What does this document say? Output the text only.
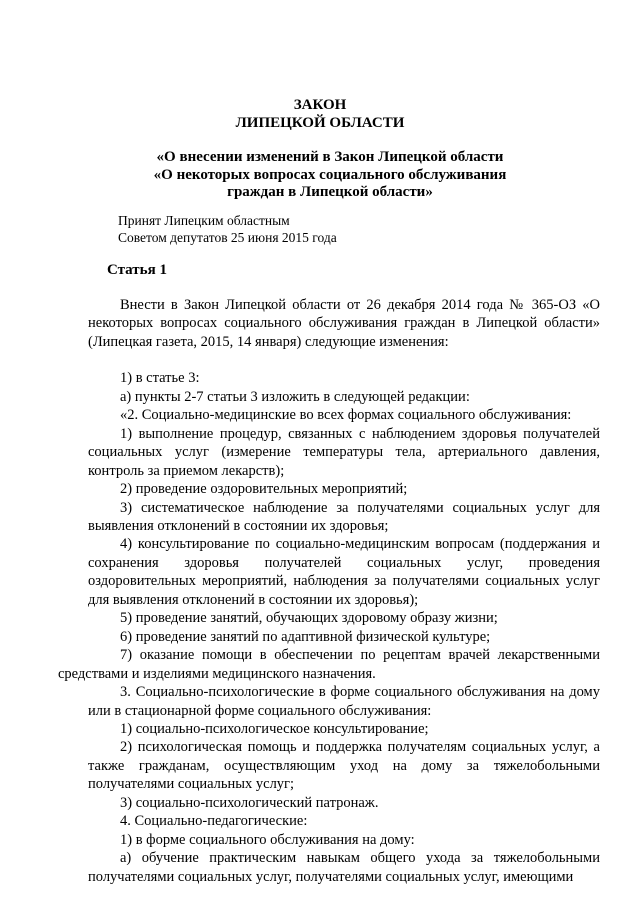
ЗАКОН
ЛИПЕЦКОЙ ОБЛАСТИ
«О внесении изменений в Закон Липецкой области «О некоторых вопросах социального обслуживания граждан в Липецкой области»
Принят Липецким областным
Советом депутатов 25 июня 2015 года
Статья 1

Внести в Закон Липецкой области от 26 декабря 2014 года № 365-ОЗ «О некоторых вопросах социального обслуживания граждан в Липецкой области» (Липецкая газета, 2015, 14 января) следующие изменения:

1) в статье 3:

а) пункты 2-7 статьи 3 изложить в следующей редакции:

«2. Социально-медицинские во всех формах социального обслуживания:

1) выполнение процедур, связанных с наблюдением здоровья получателей социальных услуг (измерение температуры тела, артериального давления, контроль за приемом лекарств);

2) проведение оздоровительных мероприятий;

3) систематическое наблюдение за получателями социальных услуг для выявления отклонений в состоянии их здоровья;

4) консультирование по социально-медицинским вопросам (поддержания и сохранения здоровья получателей социальных услуг, проведения оздоровительных мероприятий, наблюдения за получателями социальных услуг для выявления отклонений в состоянии их здоровья);

5) проведение занятий, обучающих здоровому образу жизни;

6) проведение занятий по адаптивной физической культуре;

7) оказание помощи в обеспечении по рецептам врачей лекарственными средствами и изделиями медицинского назначения.

3. Социально-психологические в форме социального обслуживания на дому или в стационарной форме социального обслуживания:

1) социально-психологическое консультирование;

2) психологическая помощь и поддержка получателям социальных услуг, а также гражданам, осуществляющим уход на дому за тяжелобольными получателями социальных услуг;

3) социально-психологический патронаж.

4. Социально-педагогические:

1) в форме социального обслуживания на дому:

а) обучение практическим навыкам общего ухода за тяжелобольными получателями социальных услуг, получателями социальных услуг, имеющими
